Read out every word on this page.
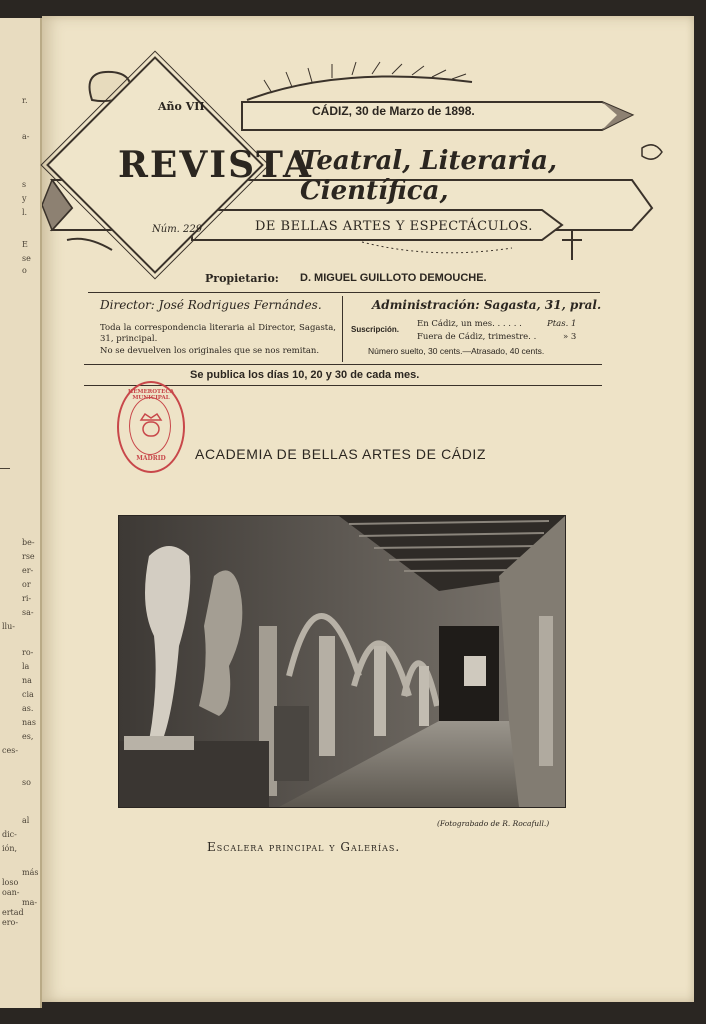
r.
a-
s
y
l.
E
se
o
be-
rse
er-
or
ri-
sa-
llu-
ro-
la
na
cia
as.
nas
es,
ces-
so
al
dic-
ión,
más
loso
oan-
ma-
ertad
ero-
Año VII	CÁDIZ, 30 de Marzo de 1898.
REVISTA
Teatral, Literaria, Científica,
DE BELLAS ARTES Y ESPECTÁCULOS.
Núm. 229
Propietario: D. MIGUEL GUILLOTO DEMOUCHE.
Director: José Rodrigues Fernándes.
Toda la correspondencia literaria al Director, Sagasta, 31, principal.
No se devuelven los originales que se nos remitan.
Administración: Sagasta, 31, pral.
Suscripción.
En Cádiz, un mes. . . . . .	Ptas. 1
Fuera de Cádiz, trimestre. .	» 3
Número suelto, 30 cents.—Atrasado, 40 cents.
Se publica los días 10, 20 y 30 de cada mes.
HEMEROTECA MUNICIPAL
MADRID	ACADEMIA DE BELLAS ARTES DE CÁDIZ
(Fotograbado de R. Rocafull.)
Escalera principal y Galerías.
